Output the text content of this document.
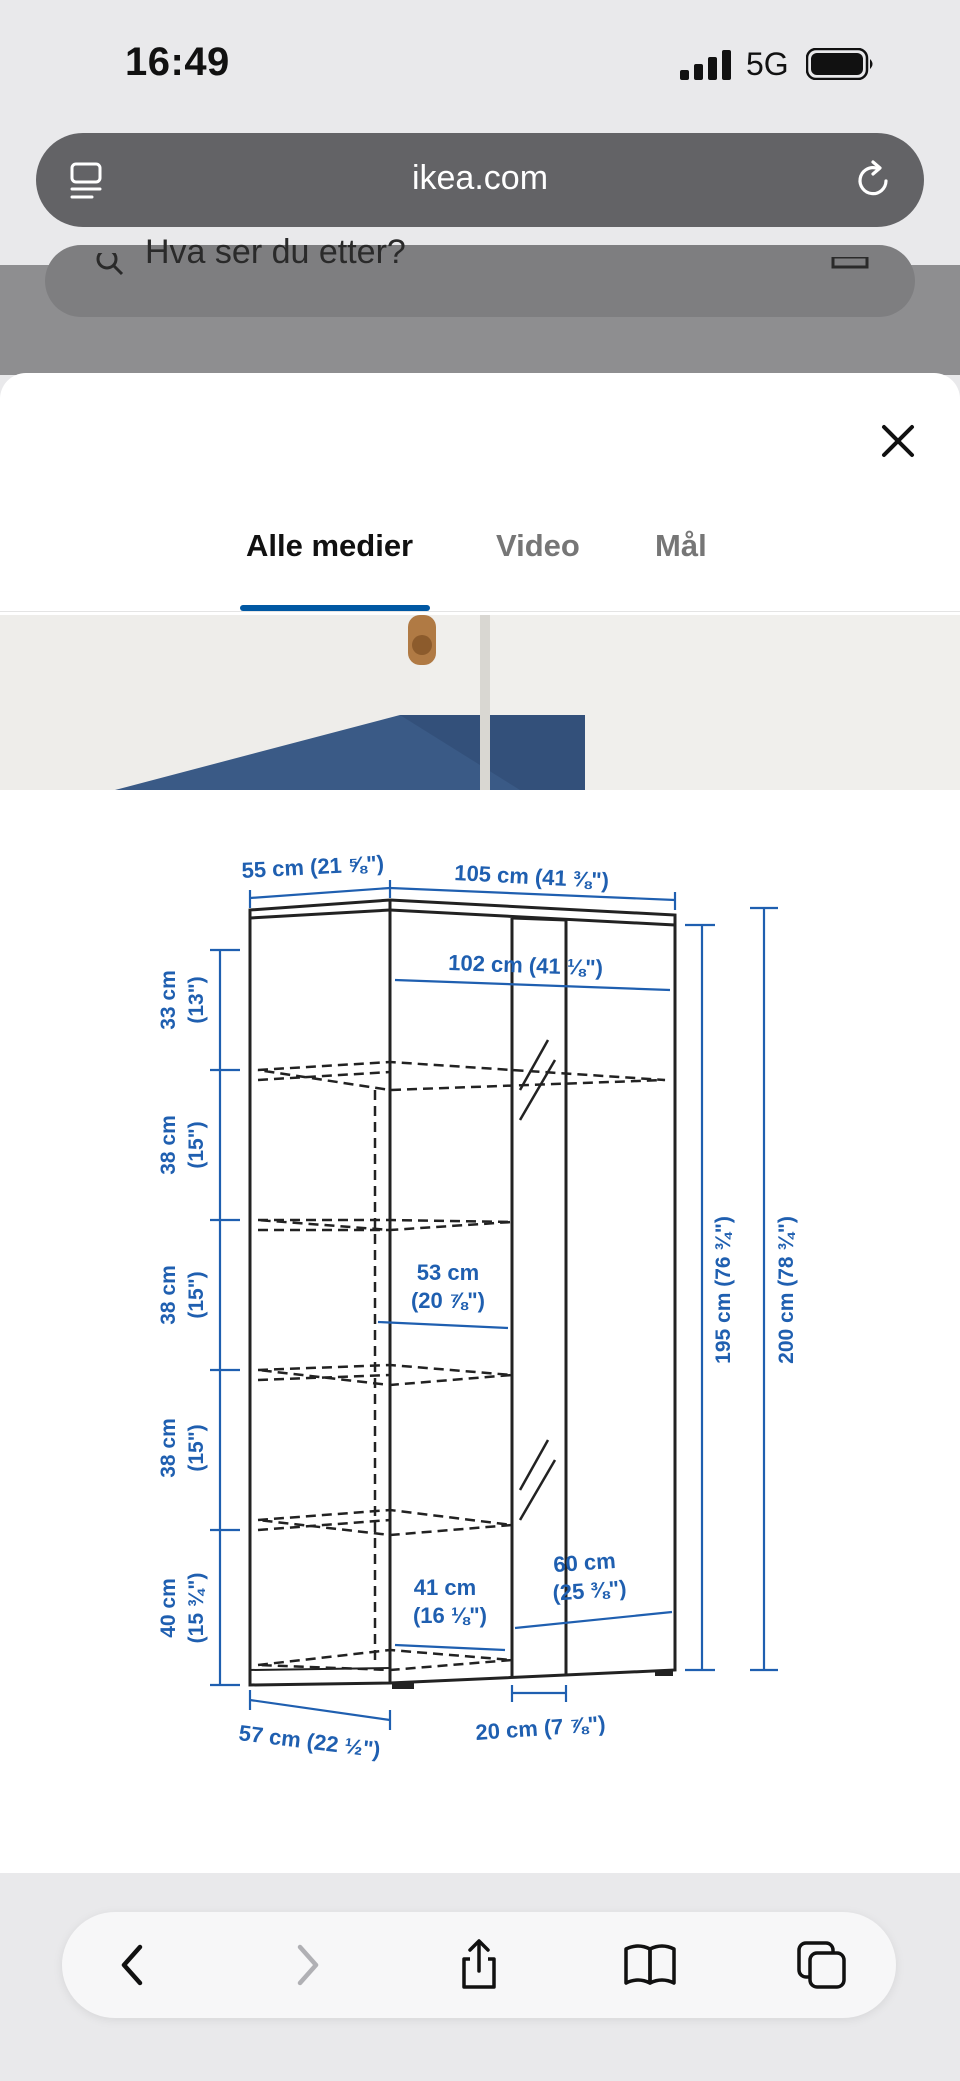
16:49	5G
ikea.com
Hva ser du etter?
Alle medier	Video Mål
55 cm (21 ⅝")	105 cm (41 ⅜")
102 cm (41 ⅛")
33 cm (13")
38 cm (15")
38 cm (15")
38 cm (15")
40 cm (15 ¾")
53 cm
(20 ⅞")
41 cm
(16 ⅛")
60 cm
(25 ⅜")
195 cm (76 ¾") 200 cm (78 ¾")
57 cm (22 ½")	20 cm (7 ⅞")
